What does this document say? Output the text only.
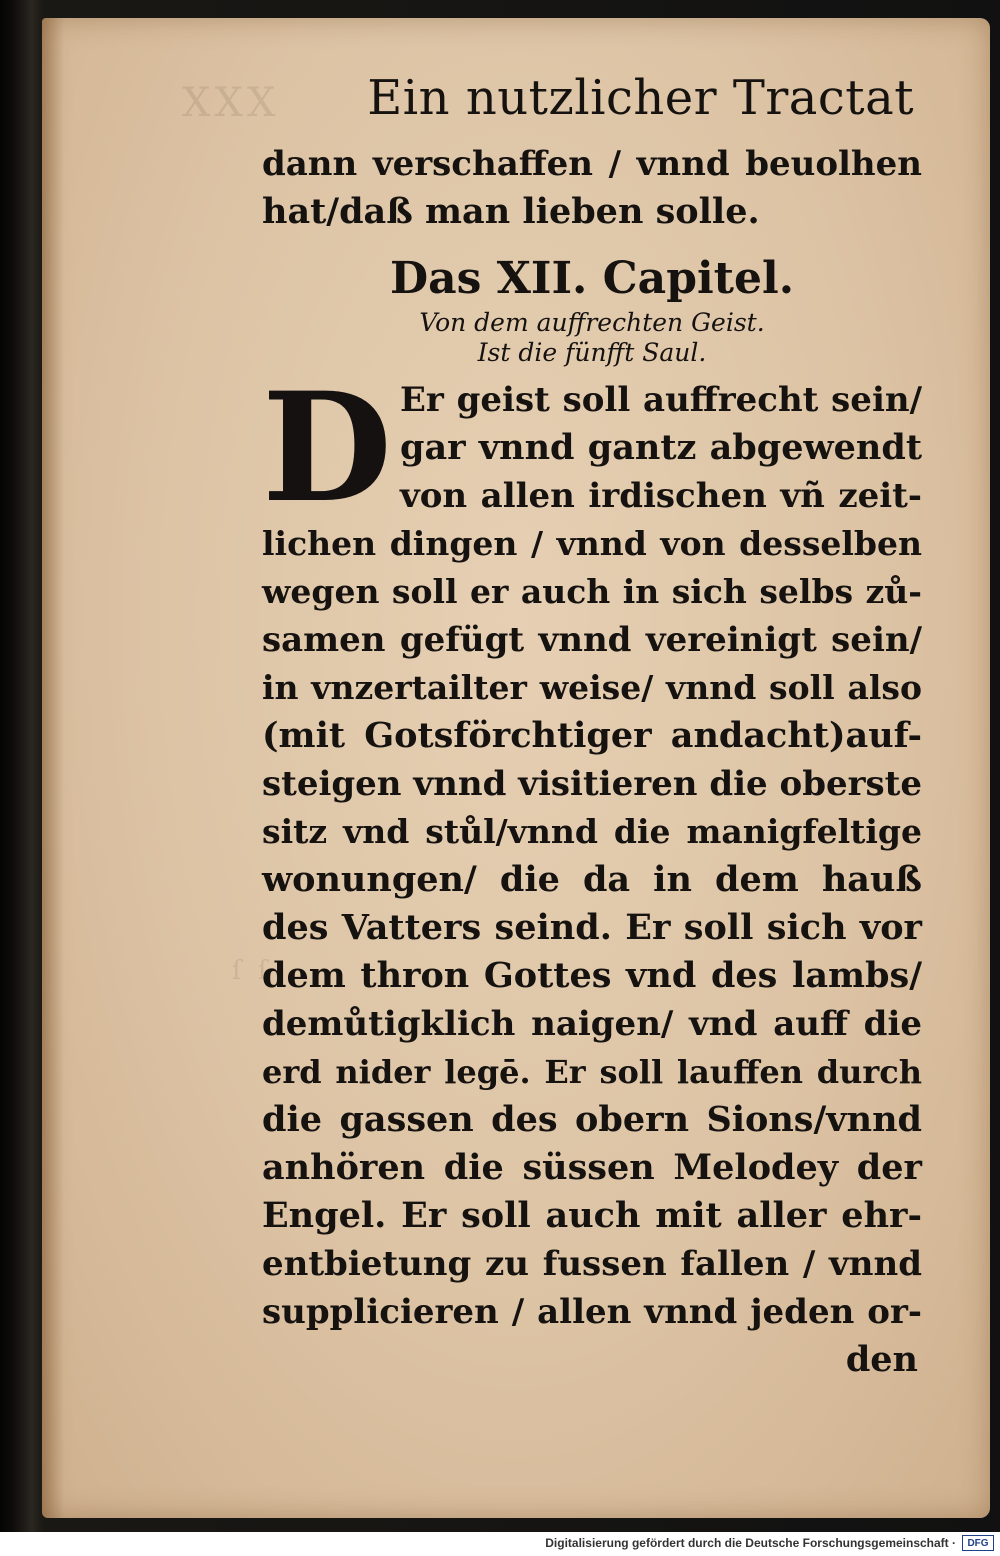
XXX
ſ ſ
Ein nutzlicher Tractat
dann verschaffen / vnnd beuolhen
hat/daß man lieben solle.
Das XII. Capitel.
Von dem auffrechten Geist.
Ist die fünfft Saul.
D Er geist soll auffrecht sein/
gar vnnd gantz abgewendt
von allen irdischen vñ zeit-
lichen dingen / vnnd von desselben
wegen soll er auch in sich selbs zů-
samen gefügt vnnd vereinigt sein/
in vnzertailter weise/ vnnd soll also
(mit Gotsförchtiger andacht)auf-
steigen vnnd visitieren die oberste
sitz vnd stůl/vnnd die manigfeltige
wonungen/ die da in dem hauß
des Vatters seind. Er soll sich vor
dem thron Gottes vnd des lambs/
demůtigklich naigen/ vnd auff die
erd nider legē. Er soll lauffen durch
die gassen des obern Sions/vnnd
anhören die süssen Melodey der
Engel. Er soll auch mit aller ehr-
entbietung zu fussen fallen / vnnd
supplicieren / allen vnnd jeden or-
den
Digitalisierung gefördert durch die Deutsche Forschungsgemeinschaft ·	DFG
